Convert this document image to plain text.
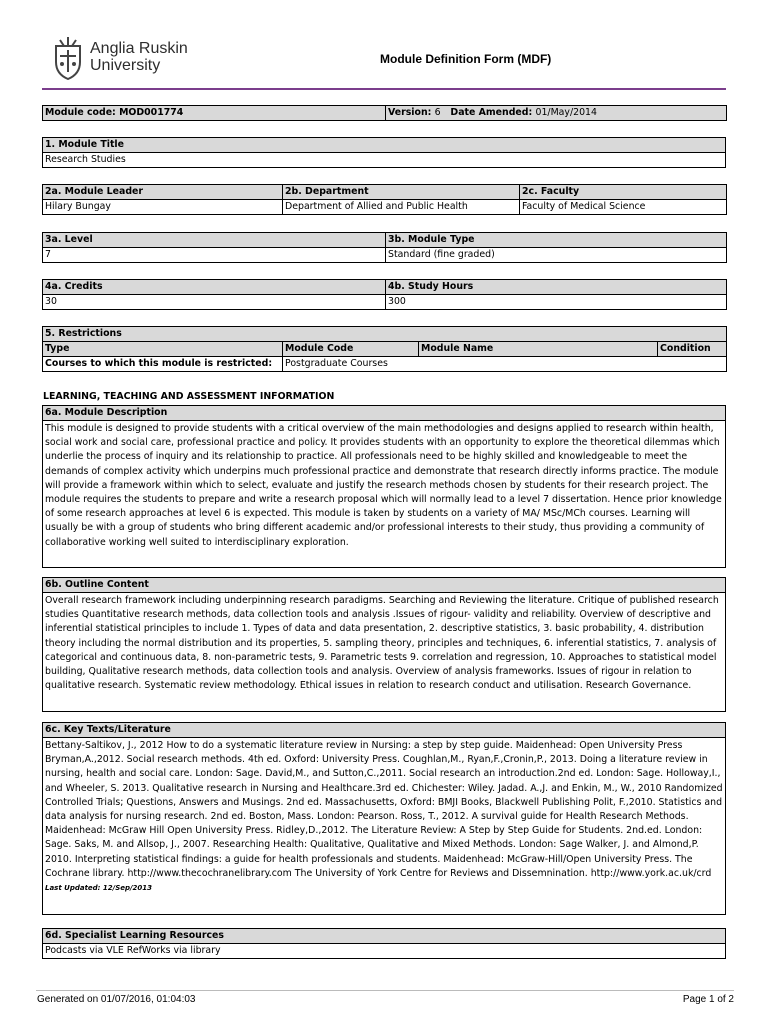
Anglia Ruskin
University	Module Definition Form (MDF)
Module code: MOD001774	Version: 6 Date Amended: 01/May/2014
1. Module Title
Research Studies
2a. Module Leader	2b. Department	2c. Faculty
Hilary Bungay	Department of Allied and Public Health	Faculty of Medical Science
3a. Level	3b. Module Type
7	Standard (fine graded)
4a. Credits	4b. Study Hours
30	300
5. Restrictions			
Type	Module Code	Module Name	Condition
Courses to which this module is restricted:	Postgraduate Courses		
LEARNING, TEACHING AND ASSESSMENT INFORMATION
6a. Module Description
This module is designed to provide students with a critical overview of the main methodologies and designs applied to research within health, social work and social care, professional practice and policy. It provides students with an opportunity to explore the theoretical dilemmas which underlie the process of inquiry and its relationship to practice. All professionals need to be highly skilled and knowledgeable to meet the demands of complex activity which underpins much professional practice and demonstrate that research directly informs practice. The module will provide a framework within which to select, evaluate and justify the research methods chosen by students for their research project. The module requires the students to prepare and write a research proposal which will normally lead to a level 7 dissertation. Hence prior knowledge of some research approaches at level 6 is expected. This module is taken by students on a variety of MA/ MSc/MCh courses. Learning will usually be with a group of students who bring different academic and/or professional interests to their study, thus providing a community of collaborative working well suited to interdisciplinary exploration.
6b. Outline Content
Overall research framework including underpinning research paradigms. Searching and Reviewing the literature. Critique of published research studies Quantitative research methods, data collection tools and analysis .Issues of rigour- validity and reliability. Overview of descriptive and inferential statistical principles to include 1. Types of data and data presentation, 2. descriptive statistics, 3. basic probability, 4. distribution theory including the normal distribution and its properties, 5. sampling theory, principles and techniques, 6. inferential statistics, 7. analysis of categorical and continuous data, 8. non-parametric tests, 9. Parametric tests 9. correlation and regression, 10. Approaches to statistical model building, Qualitative research methods, data collection tools and analysis. Overview of analysis frameworks. Issues of rigour in relation to qualitative research. Systematic review methodology. Ethical issues in relation to research conduct and utilisation. Research Governance.
6c. Key Texts/Literature
Bettany-Saltikov, J., 2012 How to do a systematic literature review in Nursing: a step by step guide. Maidenhead: Open University Press Bryman,A.,2012. Social research methods. 4th ed. Oxford: University Press. Coughlan,M., Ryan,F.,Cronin,P., 2013. Doing a literature review in nursing, health and social care. London: Sage. David,M., and Sutton,C.,2011. Social research an introduction.2nd ed. London: Sage. Holloway,I., and Wheeler, S. 2013. Qualitative research in Nursing and Healthcare.3rd ed. Chichester: Wiley. Jadad. A.,J. and Enkin, M., W., 2010 Randomized Controlled Trials; Questions, Answers and Musings. 2nd ed. Massachusetts, Oxford: BMJI Books, Blackwell Publishing Polit, F.,2010. Statistics and data analysis for nursing research. 2nd ed. Boston, Mass. London: Pearson. Ross, T., 2012. A survival guide for Health Research Methods. Maidenhead: McGraw Hill Open University Press. Ridley,D.,2012. The Literature Review: A Step by Step Guide for Students. 2nd.ed. London: Sage. Saks, M. and Allsop, J., 2007. Researching Health: Qualitative, Qualitative and Mixed Methods. London: Sage Walker, J. and Almond,P. 2010. Interpreting statistical findings: a guide for health professionals and students. Maidenhead: McGraw-Hill/Open University Press. The Cochrane library. http://www.thecochranelibrary.com The University of York Centre for Reviews and Dissemnination. http://www.york.ac.uk/crd
Last Updated: 12/Sep/2013
6d. Specialist Learning Resources
Podcasts via VLE RefWorks via library
Generated on 01/07/2016, 01:04:03	Page 1 of 2
